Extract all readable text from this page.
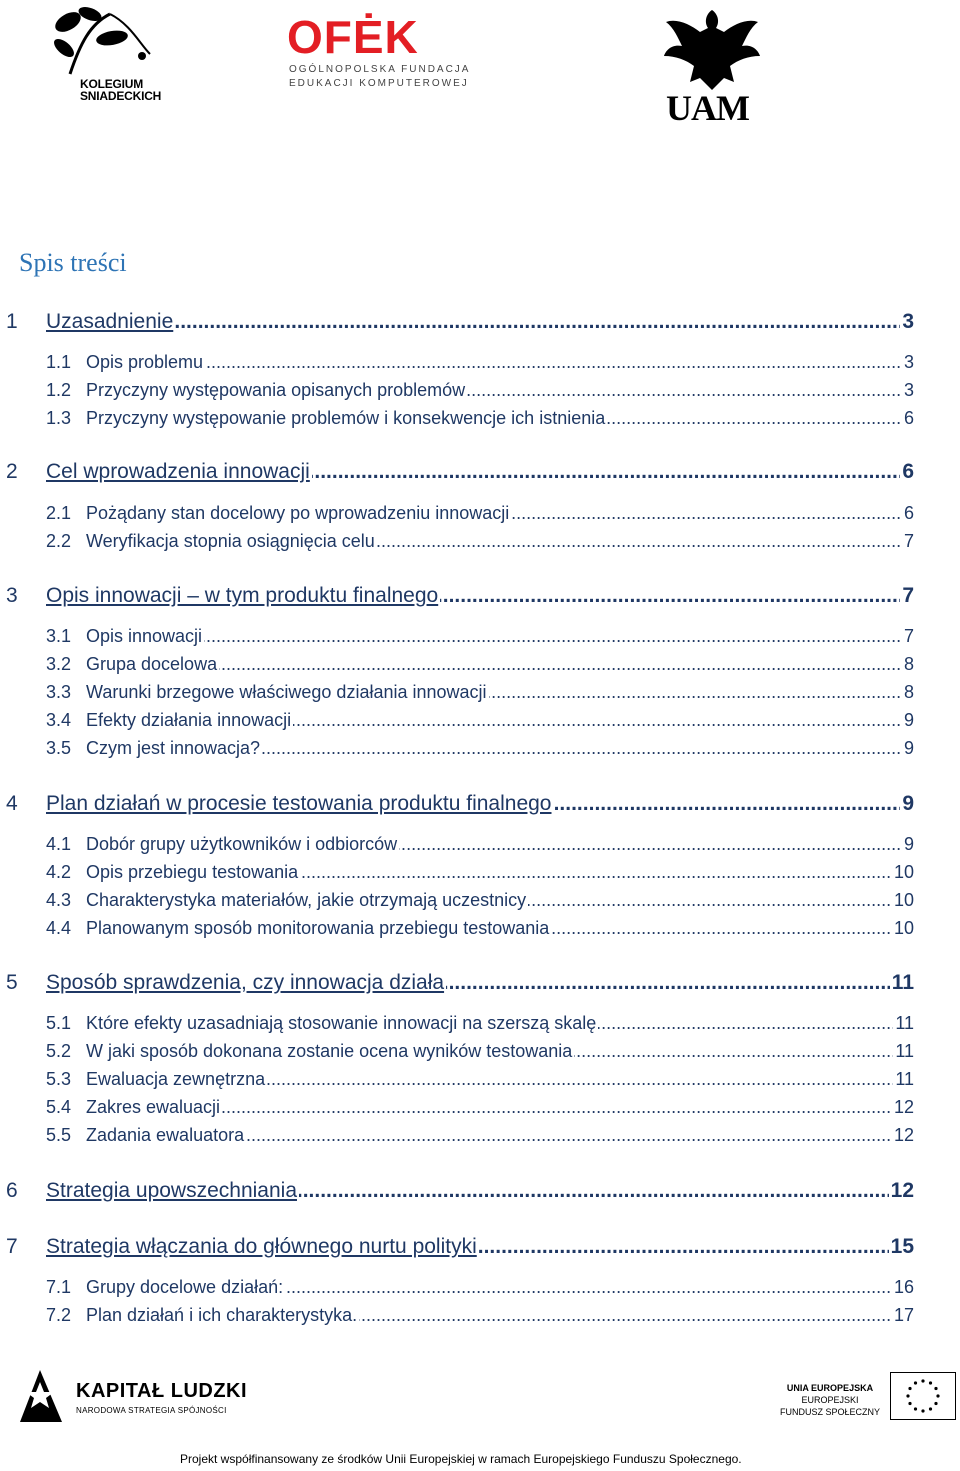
KOLEGIUM
SNIADECKICH
OFĖK
OGÓLNOPOLSKA FUNDACJA
EDUKACJI KOMPUTEROWEJ
UAM
Spis treści
1 ..... Uzasadnienie	3
1.1 ..... Opis problemu	3
1.2 ..... Przyczyny występowania opisanych problemów	3
1.3 ..... Przyczyny występowanie problemów i konsekwencje ich istnienia	6
2 ..... Cel wprowadzenia innowacji	6
2.1 ..... Pożądany stan docelowy po wprowadzeniu innowacji	6
2.2 ..... Weryfikacja stopnia osiągnięcia celu	7
3 ..... Opis innowacji – w tym produktu finalnego	7
3.1 ..... Opis innowacji	7
3.2 ..... Grupa docelowa	8
3.3 ..... Warunki brzegowe właściwego działania innowacji	8
3.4 ..... Efekty działania innowacji	9
3.5 ..... Czym jest innowacja?	9
4 ..... Plan działań w procesie testowania produktu finalnego	9
4.1 ..... Dobór grupy użytkowników i odbiorców	9
4.2 ..... Opis przebiegu testowania	10
4.3 ..... Charakterystyka materiałów, jakie otrzymają uczestnicy	10
4.4 ..... Planowanym sposób monitorowania przebiegu testowania	10
5 ..... Sposób sprawdzenia, czy innowacja działa	11
5.1 ..... Które efekty uzasadniają stosowanie innowacji na szerszą skalę	11
5.2 ..... W jaki sposób dokonana zostanie ocena wyników testowania	11
5.3 ..... Ewaluacja zewnętrzna	11
5.4 ..... Zakres ewaluacji	12
5.5 ..... Zadania ewaluatora	12
6 ..... Strategia upowszechniania	12
7 ..... Strategia włączania do głównego nurtu polityki	15
7.1 ..... Grupy docelowe działań:	16
7.2 ..... Plan działań i ich charakterystyka.	17
KAPITAŁ LUDZKI
NARODOWA STRATEGIA SPÓJNOŚCI
UNIA EUROPEJSKA
EUROPEJSKI
FUNDUSZ SPOŁECZNY
Projekt współfinansowany ze środków Unii Europejskiej w ramach Europejskiego Funduszu Społecznego.
